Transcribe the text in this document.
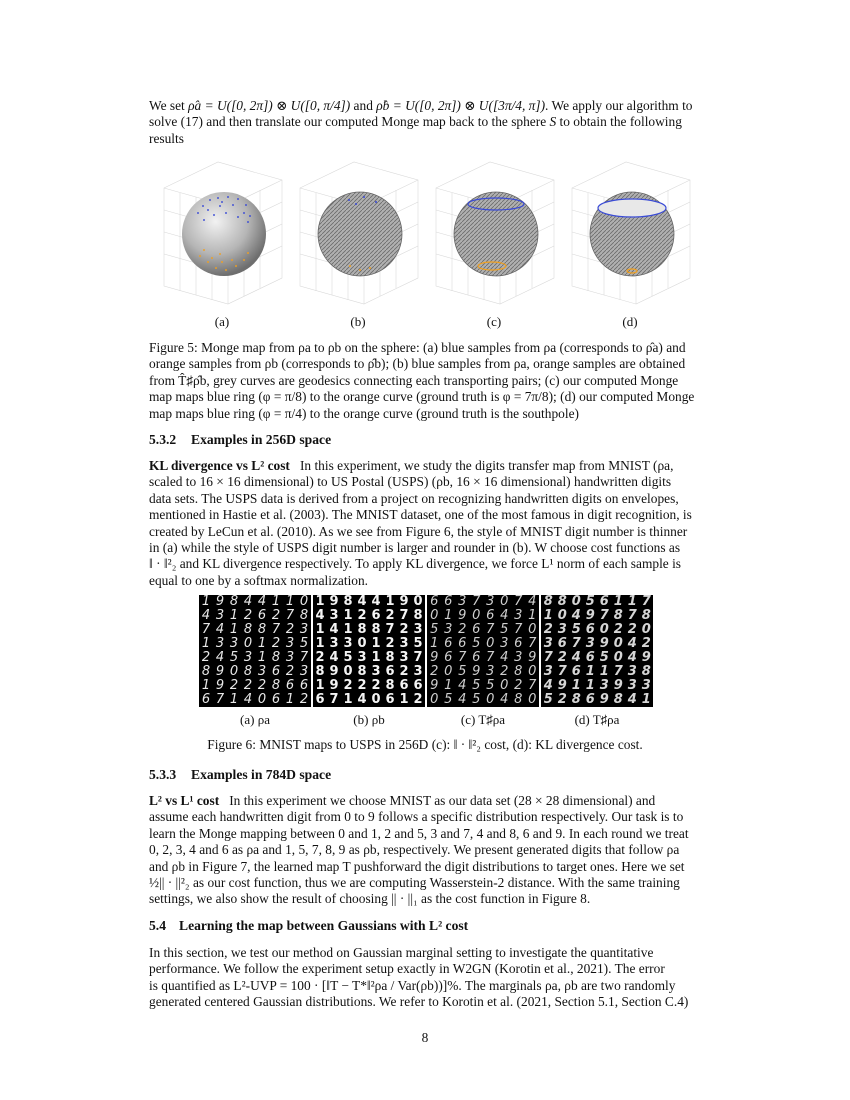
We set ρ̂a = U([0, 2π]) ⊗ U([0, π/4]) and ρ̂b = U([0, 2π]) ⊗ U([3π/4, π]). We apply our algorithm to
solve (17) and then translate our computed Monge map back to the sphere S to obtain the following
results

(a)	(b)	(c)	(d)

Figure 5: Monge map from ρa to ρb on the sphere: (a) blue samples from ρa (corresponds to ρ̂a) and
orange samples from ρb (corresponds to ρ̂b); (b) blue samples from ρa, orange samples are obtained
from T̂♯ρ̂b, grey curves are geodesics connecting each transporting pairs; (c) our computed Monge
map maps blue ring (φ = π/8) to the orange curve (ground truth is φ = 7π/8); (d) our computed Monge
map maps blue ring (φ = π/4) to the orange curve (ground truth is the southpole)

5.3.2 Examples in 256D space

KL divergence vs L² cost In this experiment, we study the digits transfer map from MNIST (ρa,
scaled to 16 × 16 dimensional) to US Postal (USPS) (ρb, 16 × 16 dimensional) handwritten digits
data sets. The USPS data is derived from a project on recognizing handwritten digits on envelopes,
mentioned in Hastie et al. (2003). The MNIST dataset, one of the most famous in digit recognition, is
created by LeCun et al. (2010). As we see from Figure 6, the style of MNIST digit number is thinner
in (a) while the style of USPS digit number is larger and rounder in (b). W choose cost functions as
‖ · ‖²₂ and KL divergence respectively. To apply KL divergence, we force L¹ norm of each sample is
equal to one by a softmax normalization.

1 9 8 4 4 1 1 0
4 3 1 2 6 2 7 8
7 4 1 8 8 7 2 3
1 3 3 0 1 2 3 5
2 4 5 3 1 8 3 7
8 9 0 8 3 6 2 3
1 9 2 2 2 8 6 6
6 7 1 4 0 6 1 2
1 9 8 4 4 1 9 0
4 3 1 2 6 2 7 8
1 4 1 8 8 7 2 3
1 3 3 0 1 2 3 5
2 4 5 3 1 8 3 7
8 9 0 8 3 6 2 3
1 9 2 2 2 8 6 6
6 7 1 4 0 6 1 2
6 6 3 7 3 0 7 4
0 1 9 0 6 4 3 1
5 3 2 6 7 5 7 0
1 6 6 5 0 3 6 7
9 6 7 6 7 4 3 9
2 0 5 9 3 2 8 0
9 1 4 5 5 0 2 7
0 5 4 5 0 4 8 0
8 8 0 5 6 1 1 7
1 0 4 9 7 8 7 8
2 3 5 6 0 2 2 0
3 6 7 3 9 0 4 2
7 2 4 6 5 0 4 9
3 7 6 1 1 7 3 8
4 9 1 1 3 9 3 3
5 2 8 6 9 8 4 1
(a) ρa	(b) ρb	(c) T♯ρa	(d) T♯ρa

Figure 6: MNIST maps to USPS in 256D (c): ‖ · ‖²₂ cost, (d): KL divergence cost.

5.3.3 Examples in 784D space

L² vs L¹ cost In this experiment we choose MNIST as our data set (28 × 28 dimensional) and
assume each handwritten digit from 0 to 9 follows a specific distribution respectively. Our task is to
learn the Monge mapping between 0 and 1, 2 and 5, 3 and 7, 4 and 8, 6 and 9. In each round we treat
0, 2, 3, 4 and 6 as ρa and 1, 5, 7, 8, 9 as ρb, respectively. We present generated digits that follow ρa
and ρb in Figure 7, the learned map T pushforward the digit distributions to target ones. Here we set
½|| · ||²₂ as our cost function, thus we are computing Wasserstein-2 distance. With the same training
settings, we also show the result of choosing || · ||₁ as the cost function in Figure 8.

5.4 Learning the map between Gaussians with L² cost

In this section, we test our method on Gaussian marginal setting to investigate the quantitative
performance. We follow the experiment setup exactly in W2GN (Korotin et al., 2021). The error
is quantified as L²-UVP = 100 · [‖T − T*‖²ρa / Var(ρb))]%. The marginals ρa, ρb are two randomly
generated centered Gaussian distributions. We refer to Korotin et al. (2021, Section 5.1, Section C.4)

8
